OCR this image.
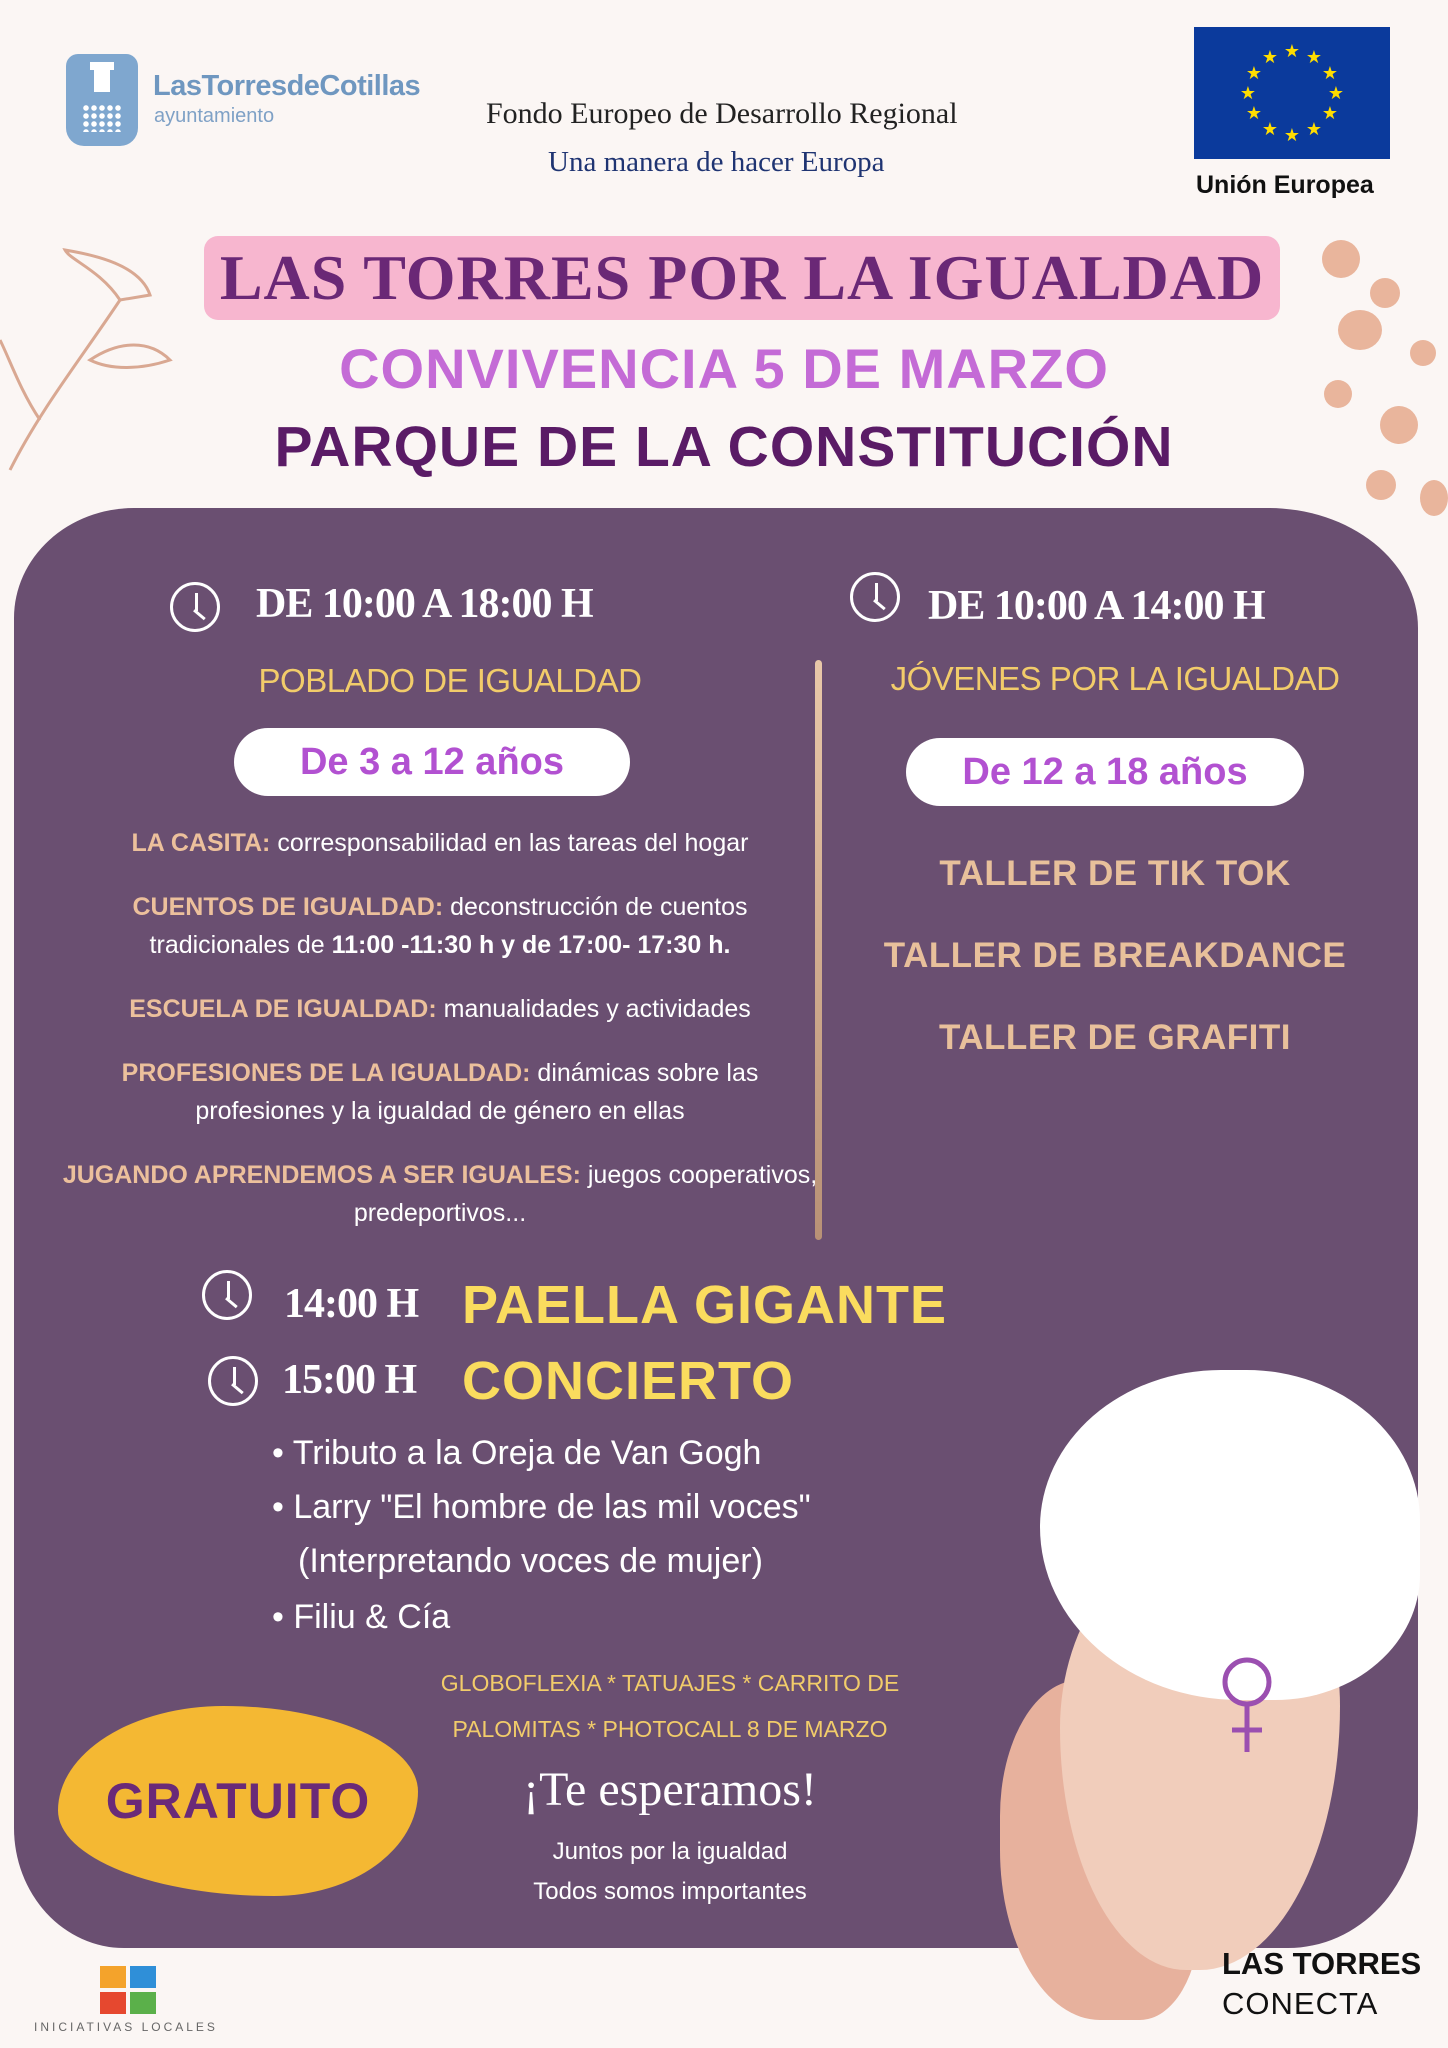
LasTorresdeCotillas
ayuntamiento	Fondo Europeo de Desarrollo Regional
Una manera de hacer Europa
★ ★
★
★
★
★
★
★
★
★
★
★
Unión Europea
LAS TORRES POR LA IGUALDAD
CONVIVENCIA 5 DE MARZO
PARQUE DE LA CONSTITUCIÓN
DE 10:00 A 18:00 H
POBLADO DE IGUALDAD
De 3 a 12 años
LA CASITA: corresponsabilidad en las tareas del hogar
CUENTOS DE IGUALDAD: deconstrucción de cuentos tradicionales de 11:00 -11:30 h y de 17:00- 17:30 h.
ESCUELA DE IGUALDAD: manualidades y actividades
PROFESIONES DE LA IGUALDAD: dinámicas sobre las profesiones y la igualdad de género en ellas
JUGANDO APRENDEMOS A SER IGUALES: juegos cooperativos, predeportivos...
DE 10:00 A 14:00 H
JÓVENES POR LA IGUALDAD
De 12 a 18 años
TALLER DE TIK TOK
TALLER DE BREAKDANCE
TALLER DE GRAFITI
14:00 H PAELLA GIGANTE
15:00 H CONCIERTO
• Tributo a la Oreja de Van Gogh
• Larry "El hombre de las mil voces"
(Interpretando voces de mujer)
• Filiu & Cía
GLOBOFLEXIA * TATUAJES * CARRITO DE
PALOMITAS * PHOTOCALL 8 DE MARZO
GRATUITO	¡Te esperamos!
Juntos por la igualdad
Todos somos importantes
INICIATIVAS LOCALES
LAS TORRES
CONECTA
